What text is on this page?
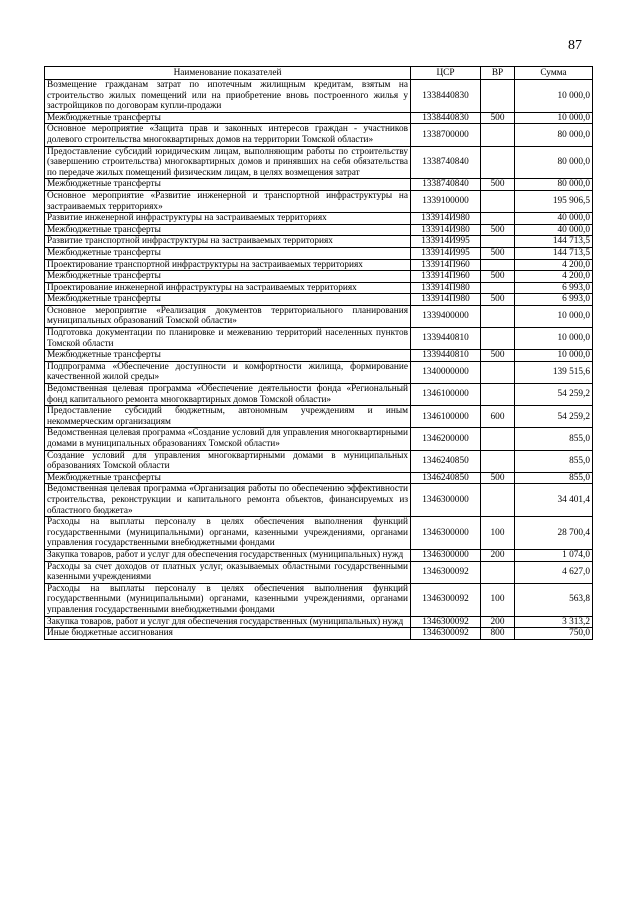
87
Наименование показателей	ЦСР	ВР	Сумма
Возмещение гражданам затрат по ипотечным жилищным кредитам, взятым на строительство жилых помещений или на приобретение вновь построенного жилья у застройщиков по договорам купли-продажи	1338440830		10 000,0
Межбюджетные трансферты	1338440830	500	10 000,0
Основное мероприятие «Защита прав и законных интересов граждан - участников долевого строительства многоквартирных домов на территории Томской области»	1338700000		80 000,0
Предоставление субсидий юридическим лицам, выполняющим работы по строительству (завершению строительства) многоквартирных домов и принявших на себя обязательства по передаче жилых помещений физическим лицам, в целях возмещения затрат	1338740840		80 000,0
Межбюджетные трансферты	1338740840	500	80 000,0
Основное мероприятие «Развитие инженерной и транспортной инфраструктуры на застраиваемых территориях»	1339100000		195 906,5
Развитие инженерной инфраструктуры на застраиваемых территориях	133914И980		40 000,0
Межбюджетные трансферты	133914И980	500	40 000,0
Развитие транспортной инфраструктуры на застраиваемых территориях	133914И995		144 713,5
Межбюджетные трансферты	133914И995	500	144 713,5
Проектирование транспортной инфраструктуры на застраиваемых территориях	133914П960		4 200,0
Межбюджетные трансферты	133914П960	500	4 200,0
Проектирование инженерной инфраструктуры на застраиваемых территориях	133914П980		6 993,0
Межбюджетные трансферты	133914П980	500	6 993,0
Основное мероприятие «Реализация документов территориального планирования муниципальных образований Томской области»	1339400000		10 000,0
Подготовка документации по планировке и межеванию территорий населенных пунктов Томской области	1339440810		10 000,0
Межбюджетные трансферты	1339440810	500	10 000,0
Подпрограмма «Обеспечение доступности и комфортности жилища, формирование качественной жилой среды»	1340000000		139 515,6
Ведомственная целевая программа «Обеспечение деятельности фонда «Региональный фонд капитального ремонта многоквартирных домов Томской области»	1346100000		54 259,2
Предоставление субсидий бюджетным, автономным учреждениям и иным некоммерческим организациям	1346100000	600	54 259,2
Ведомственная целевая программа «Создание условий для управления многоквартирными домами в муниципальных образованиях Томской области»	1346200000		855,0
Создание условий для управления многоквартирными домами в муниципальных образованиях Томской области	1346240850		855,0
Межбюджетные трансферты	1346240850	500	855,0
Ведомственная целевая программа «Организация работы по обеспечению эффективности строительства, реконструкции и капитального ремонта объектов, финансируемых из областного бюджета»	1346300000		34 401,4
Расходы на выплаты персоналу в целях обеспечения выполнения функций государственными (муниципальными) органами, казенными учреждениями, органами управления государственными внебюджетными фондами	1346300000	100	28 700,4
Закупка товаров, работ и услуг для обеспечения государственных (муниципальных) нужд	1346300000	200	1 074,0
Расходы за счет доходов от платных услуг, оказываемых областными государственными казенными учреждениями	1346300092		4 627,0
Расходы на выплаты персоналу в целях обеспечения выполнения функций государственными (муниципальными) органами, казенными учреждениями, органами управления государственными внебюджетными фондами	1346300092	100	563,8
Закупка товаров, работ и услуг для обеспечения государственных (муниципальных) нужд	1346300092	200	3 313,2
Иные бюджетные ассигнования	1346300092	800	750,0
